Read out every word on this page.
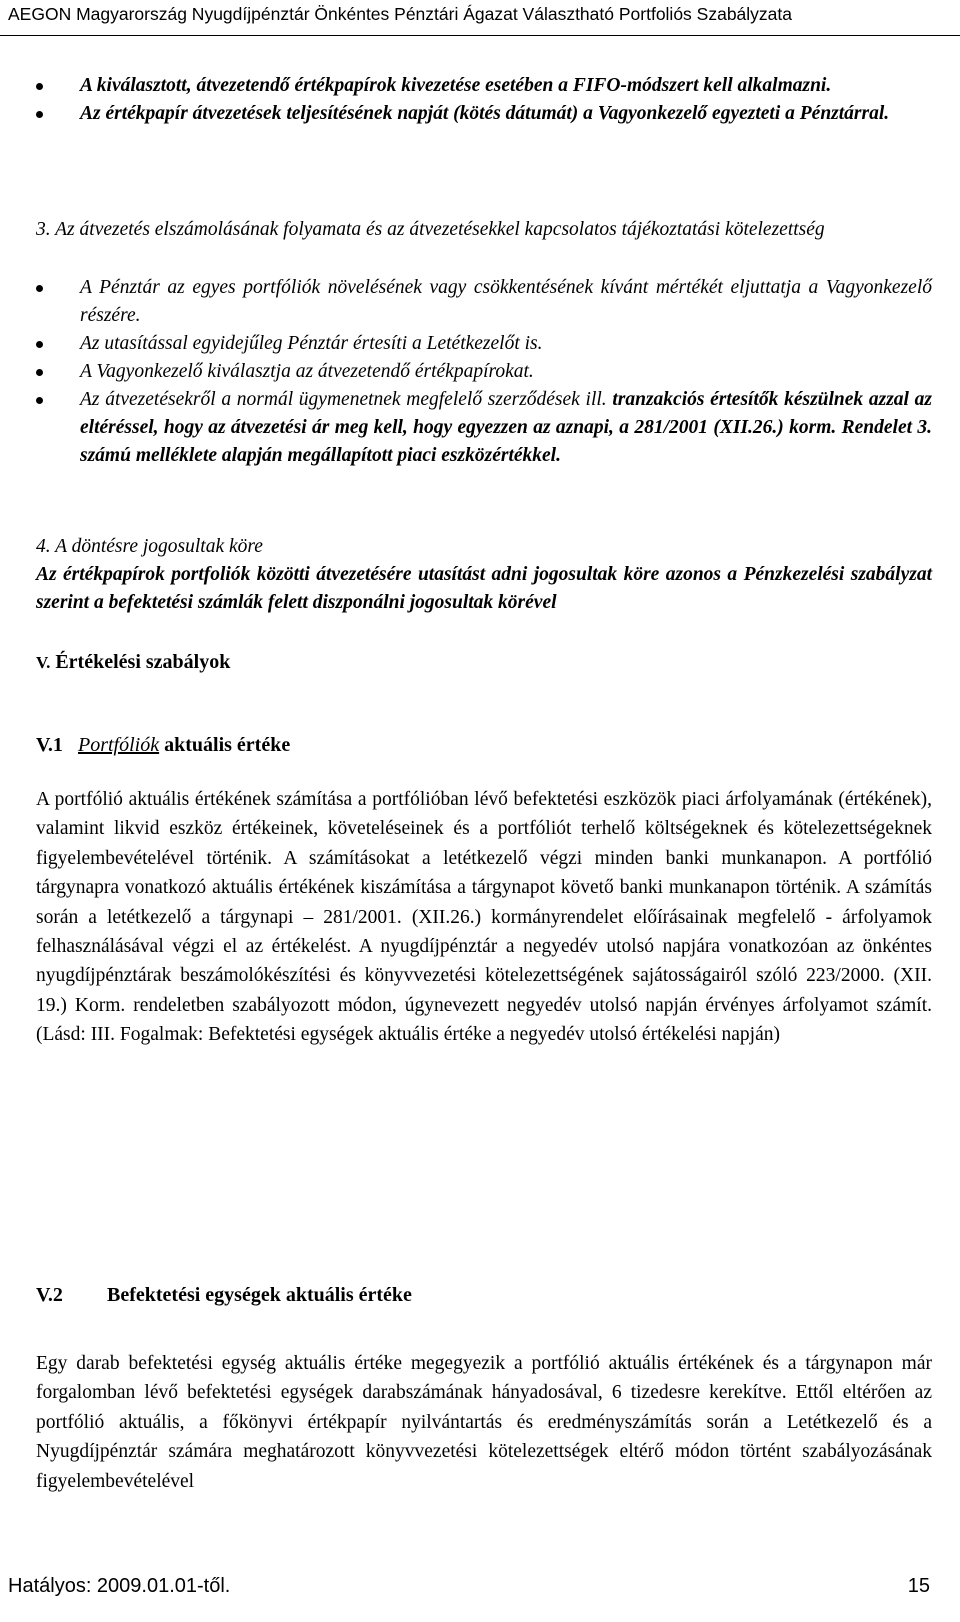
AEGON Magyarország Nyugdíjpénztár Önkéntes Pénztári Ágazat Választható Portfoliós Szabályzata
A kiválasztott, átvezetendő értékpapírok kivezetése esetében a FIFO-módszert kell alkalmazni.
Az értékpapír átvezetések teljesítésének napját (kötés dátumát) a Vagyonkezelő egyezteti a Pénztárral.
3. Az átvezetés elszámolásának folyamata és az átvezetésekkel kapcsolatos tájékoztatási kötelezettség
A Pénztár az egyes portfóliók növelésének vagy csökkentésének kívánt mértékét eljuttatja a Vagyonkezelő részére.
Az utasítással egyidejűleg Pénztár értesíti a Letétkezelőt is.
A Vagyonkezelő kiválasztja az átvezetendő értékpapírokat.
Az átvezetésekről a normál ügymenetnek megfelelő szerződések ill. tranzakciós értesítők készülnek azzal az eltéréssel, hogy az átvezetési ár meg kell, hogy egyezzen az aznapi, a 281/2001 (XII.26.) korm. Rendelet 3. számú melléklete alapján megállapított piaci eszközértékkel.
4. A döntésre jogosultak köre
Az értékpapírok portfoliók közötti átvezetésére utasítást adni jogosultak köre azonos a Pénzkezelési szabályzat szerint a befektetési számlák felett diszponálni jogosultak körével
V. Értékelési szabályok
V.1 Portfóliók aktuális értéke
A portfólió aktuális értékének számítása a portfólióban lévő befektetési eszközök piaci árfolyamának (értékének), valamint likvid eszköz értékeinek, követeléseinek és a portfóliót terhelő költségeknek és kötelezettségeknek figyelembevételével történik. A számításokat a letétkezelő végzi minden banki munkanapon. A portfólió tárgynapra vonatkozó aktuális értékének kiszámítása a tárgynapot követő banki munkanapon történik. A számítás során a letétkezelő a tárgynapi – 281/2001. (XII.26.) kormányrendelet előírásainak megfelelő - árfolyamok felhasználásával végzi el az értékelést. A nyugdíjpénztár a negyedév utolsó napjára vonatkozóan az önkéntes nyugdíjpénztárak beszámolókészítési és könyvvezetési kötelezettségének sajátosságairól szóló 223/2000. (XII. 19.) Korm. rendeletben szabályozott módon, úgynevezett negyedév utolsó napján érvényes árfolyamot számít. (Lásd: III. Fogalmak: Befektetési egységek aktuális értéke a negyedév utolsó értékelési napján)
V.2 Befektetési egységek aktuális értéke
Egy darab befektetési egység aktuális értéke megegyezik a portfólió aktuális értékének és a tárgynapon már forgalomban lévő befektetési egységek darabszámának hányadosával, 6 tizedesre kerekítve. Ettől eltérően az portfólió aktuális, a főkönyvi értékpapír nyilvántartás és eredményszámítás során a Letétkezelő és a Nyugdíjpénztár számára meghatározott könyvvezetési kötelezettségek eltérő módon történt szabályozásának figyelembevételével
Hatályos: 2009.01.01-től.	15
